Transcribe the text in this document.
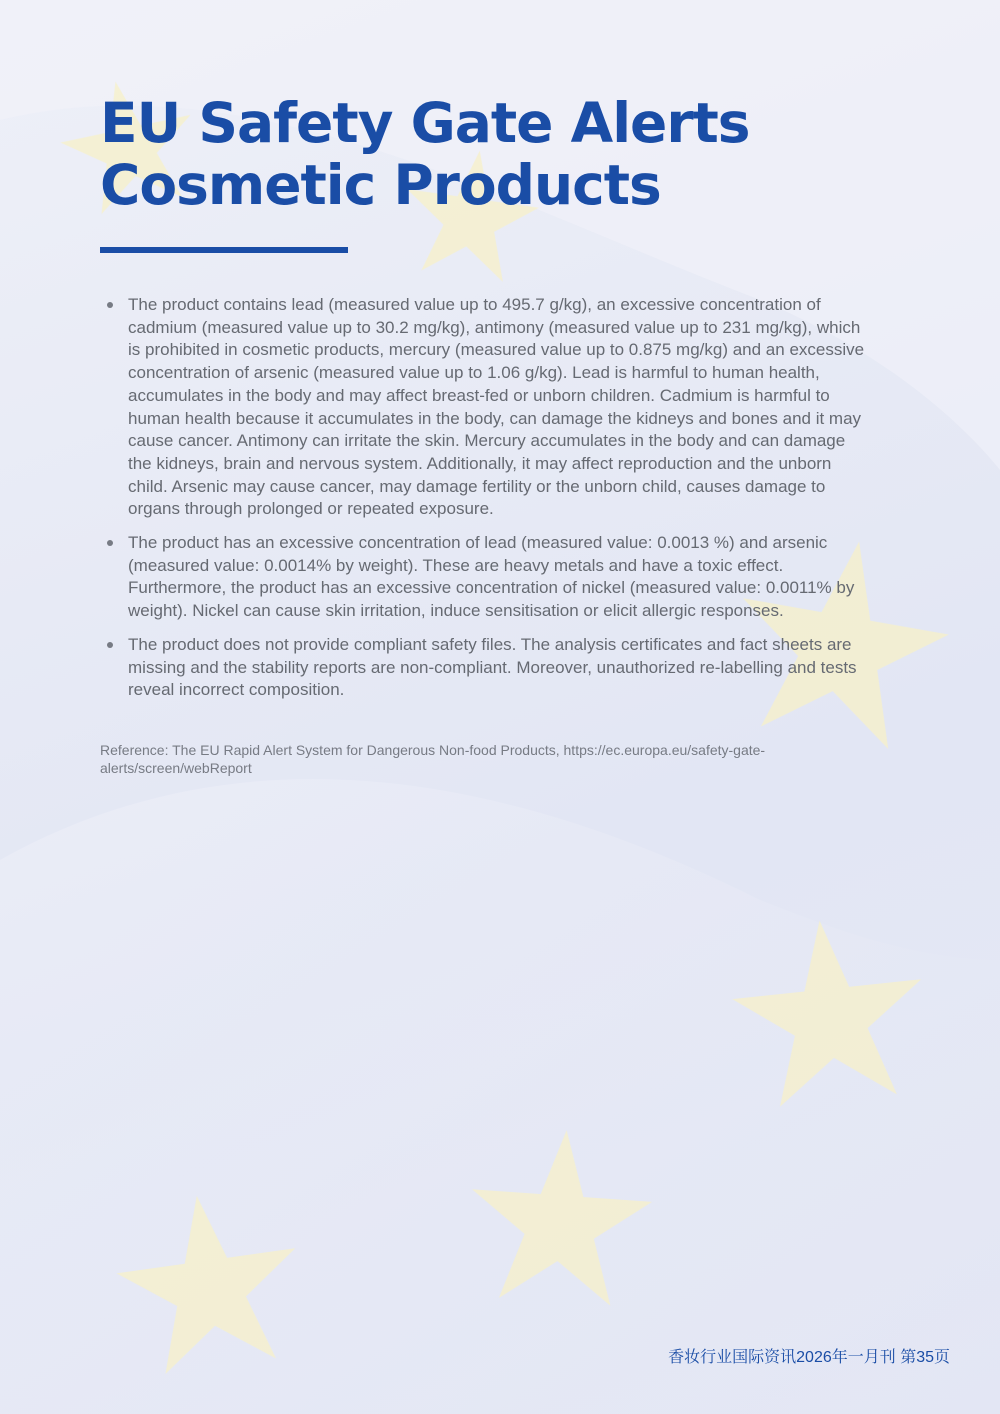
EU Safety Gate Alerts
Cosmetic Products
The product contains lead (measured value up to 495.7 g/kg), an excessive concentration of cadmium (measured value up to 30.2 mg/kg), antimony (measured value up to 231 mg/kg), which is prohibited in cosmetic products, mercury (measured value up to 0.875 mg/kg) and an excessive concentration of arsenic (measured value up to 1.06 g/kg). Lead is harmful to human health, accumulates in the body and may affect breast-fed or unborn children. Cadmium is harmful to human health because it accumulates in the body, can damage the kidneys and bones and it may cause cancer. Antimony can irritate the skin. Mercury accumulates in the body and can damage the kidneys, brain and nervous system. Additionally, it may affect reproduction and the unborn child. Arsenic may cause cancer, may damage fertility or the unborn child, causes damage to organs through prolonged or repeated exposure.
The product has an excessive concentration of lead (measured value: 0.0013 %) and arsenic (measured value: 0.0014% by weight). These are heavy metals and have a toxic effect. Furthermore, the product has an excessive concentration of nickel (measured value: 0.0011% by weight). Nickel can cause skin irritation, induce sensitisation or elicit allergic responses.
The product does not provide compliant safety files. The analysis certificates and fact sheets are missing and the stability reports are non-compliant. Moreover, unauthorized re-labelling and tests reveal incorrect composition.

Reference: The EU Rapid Alert System for Dangerous Non-food Products, https://ec.europa.eu/safety-gate-alerts/screen/webReport

香妆行业国际资讯2026年一月刊 第35页
